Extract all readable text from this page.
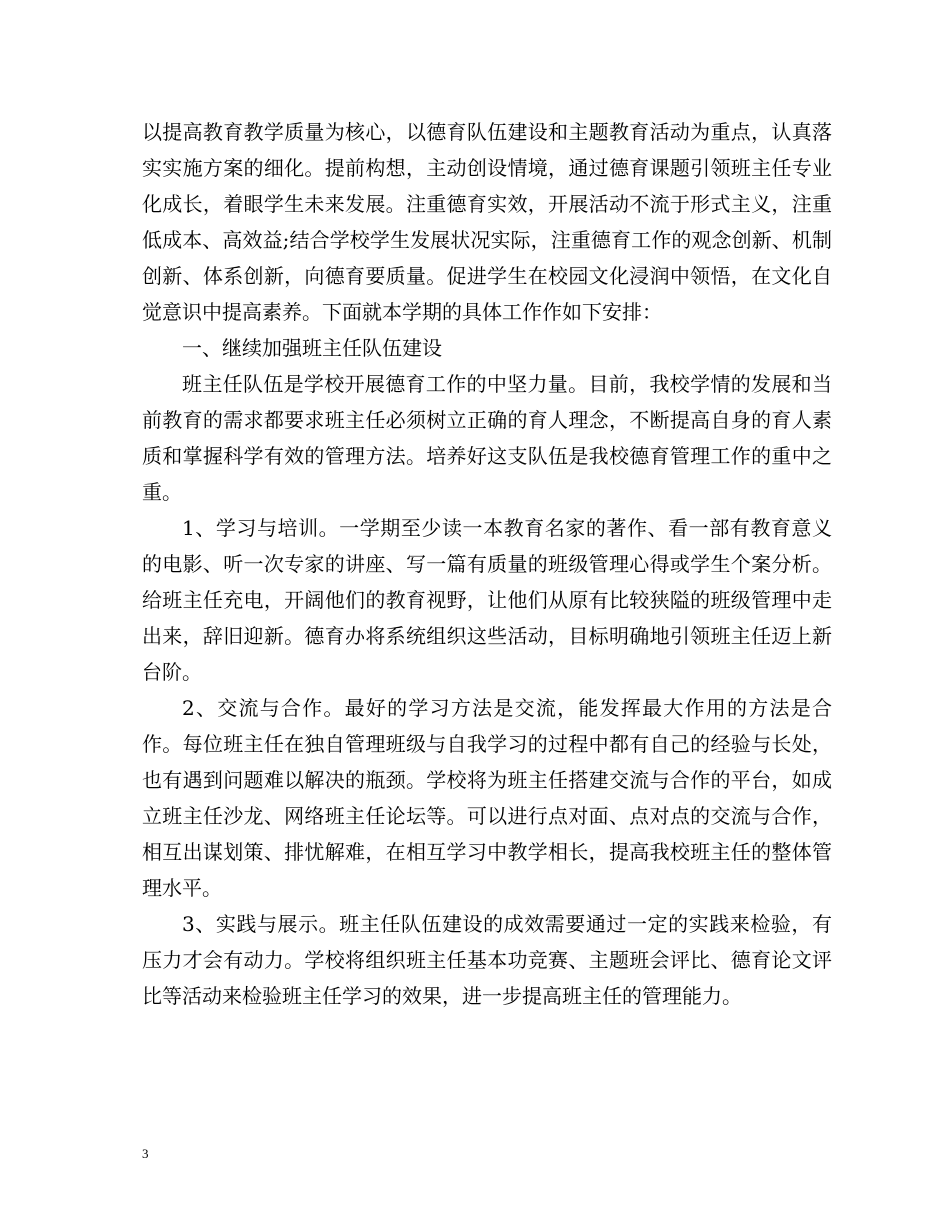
以提高教育教学质量为核心，以德育队伍建设和主题教育活动为重点，认真落实实施方案的细化。提前构想，主动创设情境，通过德育课题引领班主任专业化成长，着眼学生未来发展。注重德育实效，开展活动不流于形式主义，注重低成本、高效益;结合学校学生发展状况实际，注重德育工作的观念创新、机制创新、体系创新，向德育要质量。促进学生在校园文化浸润中领悟，在文化自觉意识中提高素养。下面就本学期的具体工作作如下安排：

一、继续加强班主任队伍建设

班主任队伍是学校开展德育工作的中坚力量。目前，我校学情的发展和当前教育的需求都要求班主任必须树立正确的育人理念，不断提高自身的育人素质和掌握科学有效的管理方法。培养好这支队伍是我校德育管理工作的重中之重。

1、学习与培训。一学期至少读一本教育名家的著作、看一部有教育意义的电影、听一次专家的讲座、写一篇有质量的班级管理心得或学生个案分析。给班主任充电，开阔他们的教育视野，让他们从原有比较狭隘的班级管理中走出来，辞旧迎新。德育办将系统组织这些活动，目标明确地引领班主任迈上新台阶。

2、交流与合作。最好的学习方法是交流，能发挥最大作用的方法是合作。每位班主任在独自管理班级与自我学习的过程中都有自己的经验与长处，也有遇到问题难以解决的瓶颈。学校将为班主任搭建交流与合作的平台，如成立班主任沙龙、网络班主任论坛等。可以进行点对面、点对点的交流与合作，相互出谋划策、排忧解难，在相互学习中教学相长，提高我校班主任的整体管理水平。

3、实践与展示。班主任队伍建设的成效需要通过一定的实践来检验，有压力才会有动力。学校将组织班主任基本功竞赛、主题班会评比、德育论文评比等活动来检验班主任学习的效果，进一步提高班主任的管理能力。

3
